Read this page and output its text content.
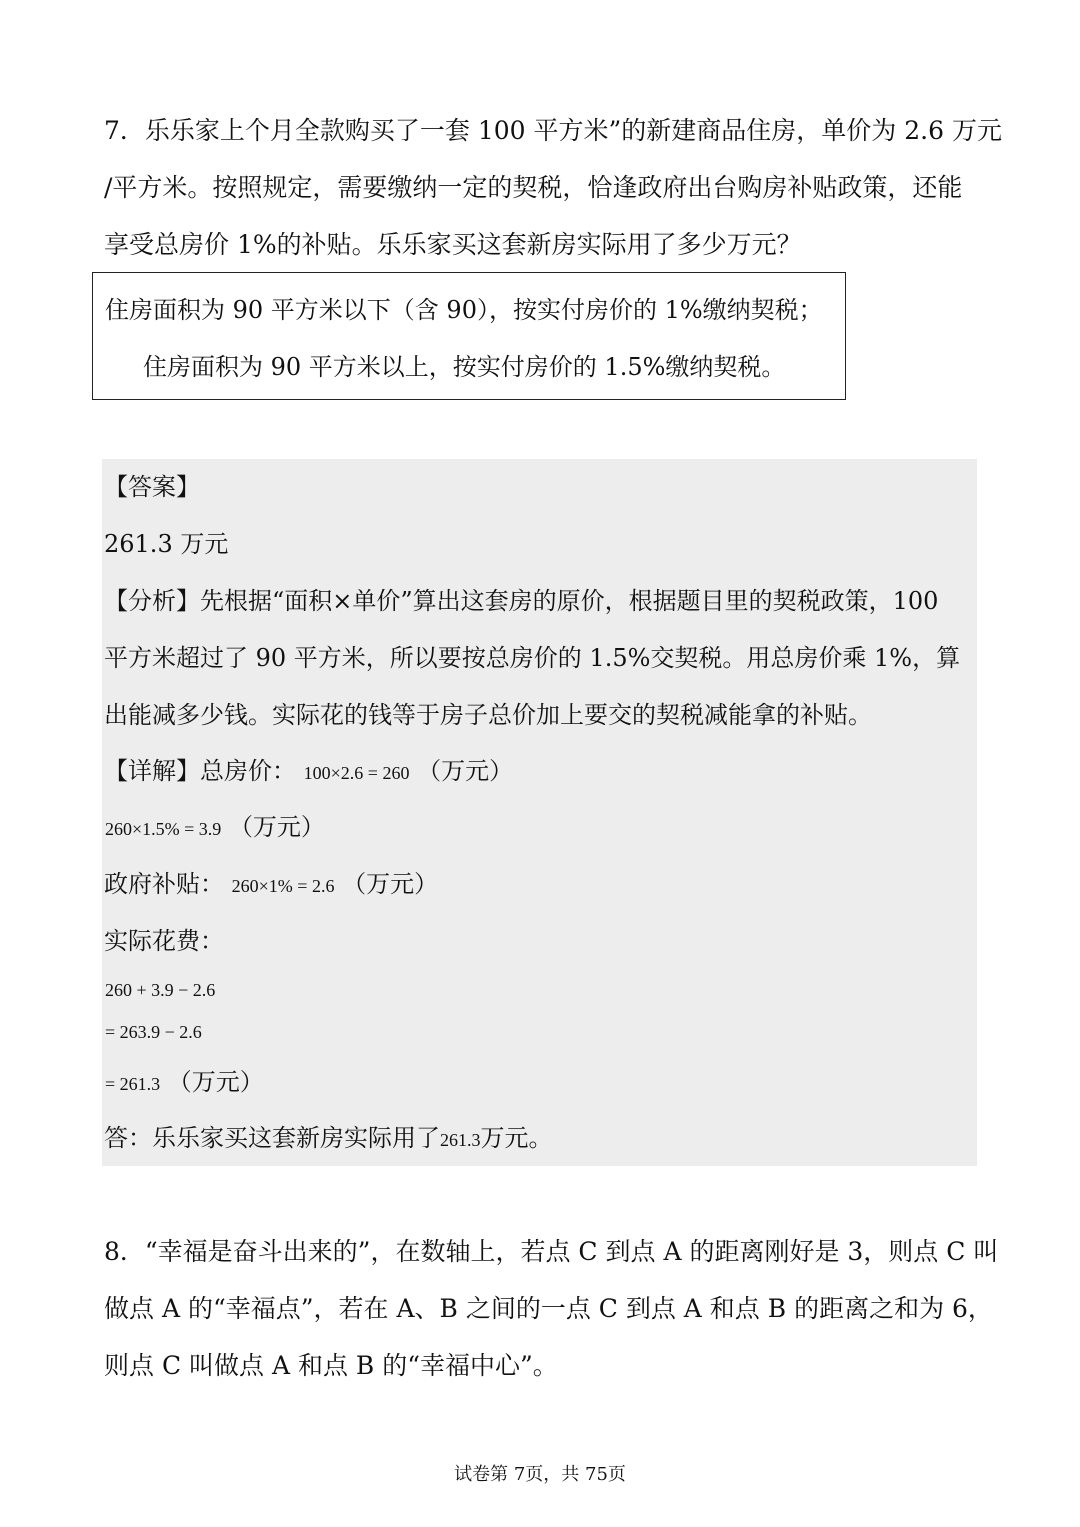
7．乐乐家上个月全款购买了一套 100 平方米”的新建商品住房，单价为 2.6 万元
/平方米。按照规定，需要缴纳一定的契税，恰逢政府出台购房补贴政策，还能
享受总房价 1%的补贴。乐乐家买这套新房实际用了多少万元？
住房面积为 90 平方米以下（含 90），按实付房价的 1%缴纳契税；
住房面积为 90 平方米以上，按实付房价的 1.5%缴纳契税。
【答案】
261.3 万元
【分析】先根据“面积×单价”算出这套房的原价，根据题目里的契税政策，100
平方米超过了 90 平方米，所以要按总房价的 1.5%交契税。用总房价乘 1%，算
出能减多少钱。实际花的钱等于房子总价加上要交的契税减能拿的补贴。
【详解】总房价： 100×2.6 = 260 （万元）
260×1.5% = 3.9 （万元）
政府补贴： 260×1% = 2.6 （万元）
实际花费：
260 + 3.9 − 2.6
= 263.9 − 2.6
= 261.3 （万元）
答：乐乐家买这套新房实际用了261.3万元。
8．“幸福是奋斗出来的”，在数轴上，若点 C 到点 A 的距离刚好是 3，则点 C 叫
做点 A 的“幸福点”，若在 A、B 之间的一点 C 到点 A 和点 B 的距离之和为 6，
则点 C 叫做点 A 和点 B 的“幸福中心”。
试卷第 7页，共 75页
